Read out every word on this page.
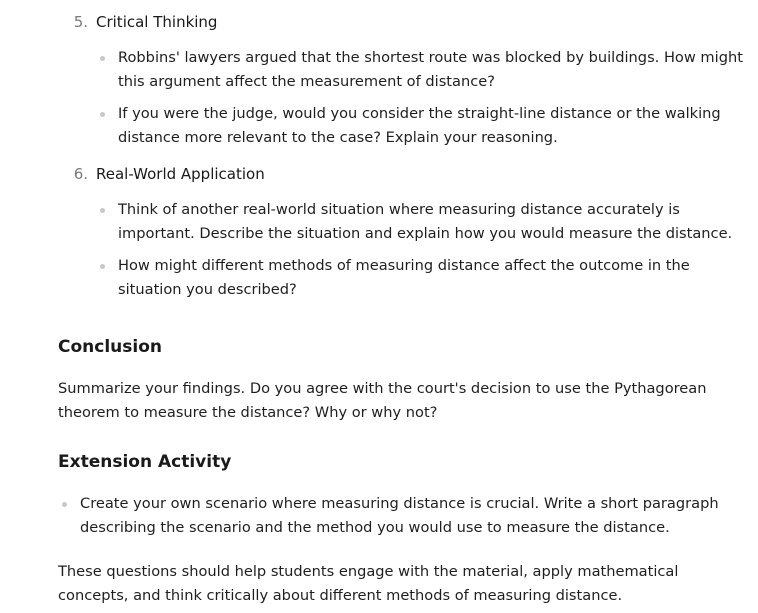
5. Critical Thinking
Robbins' lawyers argued that the shortest route was blocked by buildings. How might this argument affect the measurement of distance?
If you were the judge, would you consider the straight-line distance or the walking distance more relevant to the case? Explain your reasoning.
6. Real-World Application
Think of another real-world situation where measuring distance accurately is important. Describe the situation and explain how you would measure the distance.
How might different methods of measuring distance affect the outcome in the situation you described?
Conclusion

Summarize your findings. Do you agree with the court's decision to use the Pythagorean theorem to measure the distance? Why or why not?

Extension Activity
Create your own scenario where measuring distance is crucial. Write a short paragraph describing the scenario and the method you would use to measure the distance.

These questions should help students engage with the material, apply mathematical concepts, and think critically about different methods of measuring distance.
